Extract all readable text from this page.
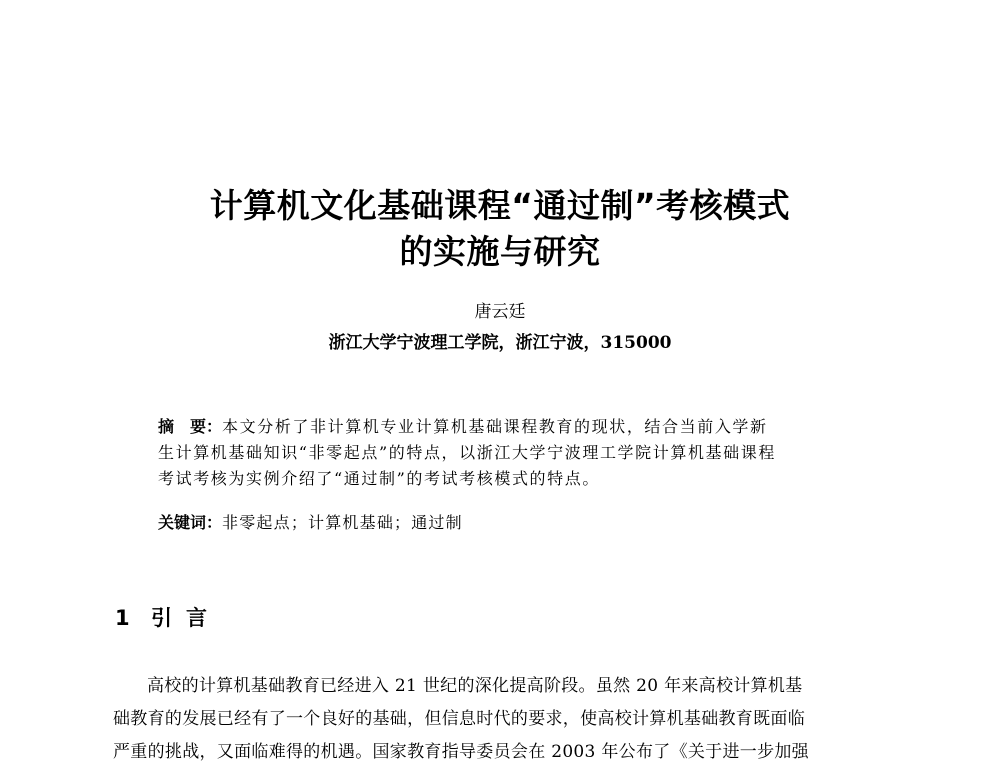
计算机文化基础课程“通过制”考核模式
的实施与研究
唐云廷
浙江大学宁波理工学院，浙江宁波，315000
摘　要：本文分析了非计算机专业计算机基础课程教育的现状，结合当前入学新
生计算机基础知识“非零起点”的特点，以浙江大学宁波理工学院计算机基础课程
考试考核为实例介绍了“通过制”的考试考核模式的特点。
关键词：非零起点；计算机基础；通过制
1 引言
高校的计算机基础教育已经进入 21 世纪的深化提高阶段。虽然 20 年来高校计算机基
础教育的发展已经有了一个良好的基础，但信息时代的要求，使高校计算机基础教育既面临
严重的挑战，又面临难得的机遇。国家教育指导委员会在 2003 年公布了《关于进一步加强
